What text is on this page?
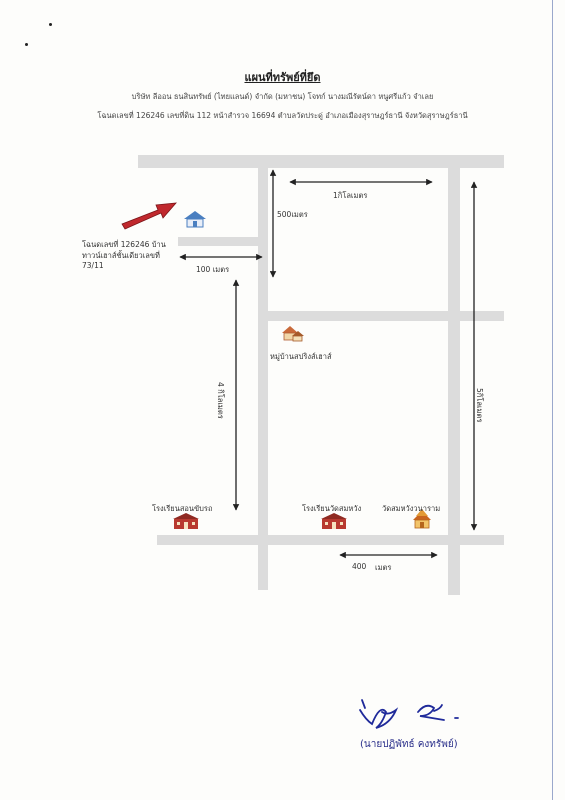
แผนที่ทรัพย์ที่ยึด
บริษัท ลีออน ธนสินทรัพย์ (ไทยแลนด์) จำกัด (มหาชน) โจทก์ นางมณีรัตน์ดา หนูศรีแก้ว จำเลย
โฉนดเลขที่ 126246 เลขที่ดิน 112 หน้าสำรวจ 16694 ตำบลวัดประดู่ อำเภอเมืองสุราษฎร์ธานี จังหวัดสุราษฎร์ธานี
โฉนดเลขที่ 126246 บ้าน
ทาวน์เฮาส์ชั้นเดียวเลขที่
73/11	100 เมตร
500เมตร
1กิโลเมตร
4 กิโลเมตร	5กิโลเมตร
400 เมตร
หมู่บ้านสปริงส์เฮาส์
โรงเรียนสอนขับรถ	โรงเรียนวัดสมหวัง	วัดสมหวังวนาราม
(นายปฏิพัทธ์ คงทรัพย์)
